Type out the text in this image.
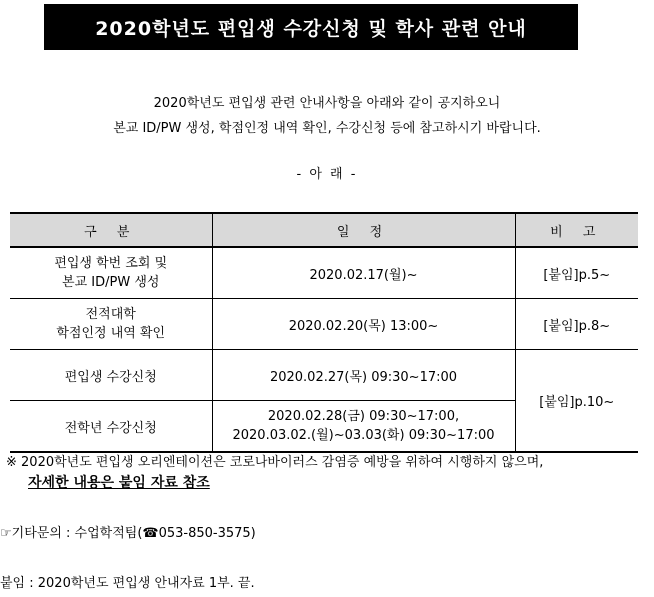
2020학년도 편입생 수강신청 및 학사 관련 안내
2020학년도 편입생 관련 안내사항을 아래와 같이 공지하오니
본교 ID/PW 생성, 학점인정 내역 확인, 수강신청 등에 참고하시기 바랍니다.
- 아 래 -
구 분	일 정	비 고

편입생 학번 조회 및
본교 ID/PW 생성	2020.02.17(월)~	[붙임]p.5~

전적대학
학점인정 내역 확인	2020.02.20(목) 13:00~	[붙임]p.8~
편입생 수강신청	2020.02.27(목) 09:30~17:00	[붙임]p.10~
전학년 수강신청	2020.02.28(금) 09:30~17:00,
2020.03.02.(월)~03.03(화) 09:30~17:00	
※ 2020학년도 편입생 오리엔테이션은 코로나바이러스 감염증 예방을 위하여 시행하지 않으며,
자세한 내용은 붙임 자료 참조
☞기타문의 : 수업학적팀(☎053-850-3575)
붙임 : 2020학년도 편입생 안내자료 1부. 끝.
